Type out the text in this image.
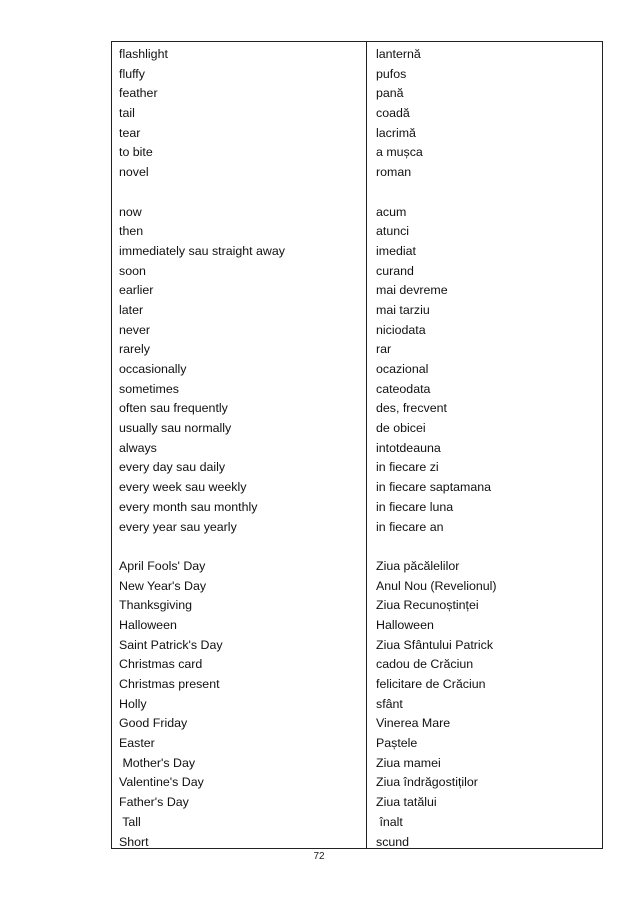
flashlight
fluffy
feather
tail
tear
to bite
novel
now
then
immediately sau straight away
soon
earlier
later
never
rarely
occasionally
sometimes
often sau frequently
usually sau normally
always
every day sau daily
every week sau weekly
every month sau monthly
every year sau yearly
April Fools' Day
New Year's Day
Thanksgiving
Halloween
Saint Patrick's Day
Christmas card
Christmas present
Holly
Good Friday
Easter
Mother's Day
Valentine's Day
Father's Day
Tall
Short
lanternă
pufos
pană
coadă
lacrimă
a mușca
roman
acum
atunci
imediat
curand
mai devreme
mai tarziu
niciodata
rar
ocazional
cateodata
des, frecvent
de obicei
intotdeauna
in fiecare zi
in fiecare saptamana
in fiecare luna
in fiecare an
Ziua păcălelilor
Anul Nou (Revelionul)
Ziua Recunoștinței
Halloween
Ziua Sfântului Patrick
cadou de Crăciun
felicitare de Crăciun
sfânt
Vinerea Mare
Paștele
Ziua mamei
Ziua îndrăgostiților
Ziua tatălui
înalt
scund
72
